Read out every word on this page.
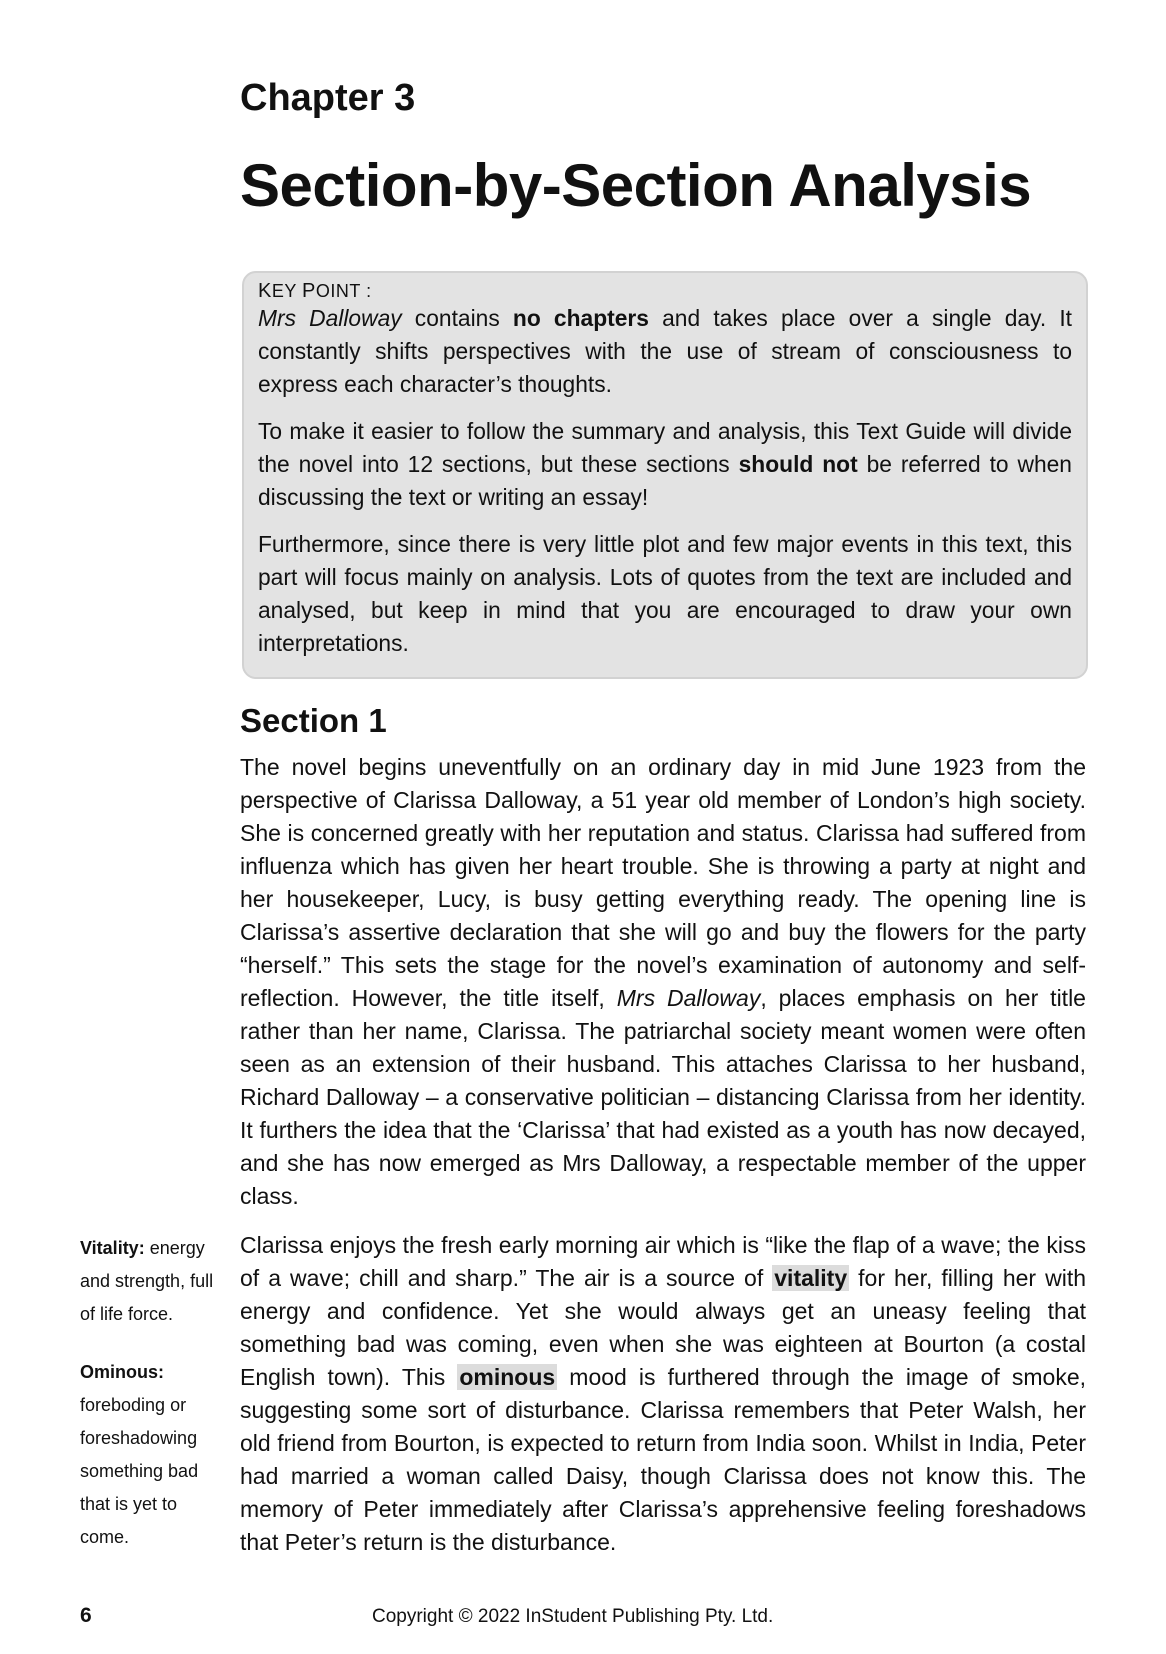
Chapter 3
Section-by-Section Analysis
KEY POINT :

Mrs Dalloway contains no chapters and takes place over a single day. It constantly shifts perspectives with the use of stream of consciousness to express each character’s thoughts.

To make it easier to follow the summary and analysis, this Text Guide will divide the novel into 12 sections, but these sections should not be referred to when discussing the text or writing an essay!

Furthermore, since there is very little plot and few major events in this text, this part will focus mainly on analysis. Lots of quotes from the text are included and analysed, but keep in mind that you are encouraged to draw your own interpretations.

Section 1

The novel begins uneventfully on an ordinary day in mid June 1923 from the perspective of Clarissa Dalloway, a 51 year old member of London’s high society. She is concerned greatly with her reputation and status. Clarissa had suffered from influenza which has given her heart trouble. She is throwing a party at night and her housekeeper, Lucy, is busy getting everything ready. The opening line is Clarissa’s assertive declaration that she will go and buy the flowers for the party “herself.” This sets the stage for the novel’s examination of autonomy and self-reflection. However, the title itself, Mrs Dalloway, places emphasis on her title rather than her name, Clarissa. The patriarchal society meant women were often seen as an extension of their husband. This attaches Clarissa to her husband, Richard Dalloway – a conservative politician – distancing Clarissa from her identity. It furthers the idea that the ‘Clarissa’ that had existed as a youth has now decayed, and she has now emerged as Mrs Dalloway, a respectable member of the upper class.

Clarissa enjoys the fresh early morning air which is “like the flap of a wave; the kiss of a wave; chill and sharp.” The air is a source of vitality for her, filling her with energy and confidence. Yet she would always get an uneasy feeling that something bad was coming, even when she was eighteen at Bourton (a costal English town). This ominous mood is furthered through the image of smoke, suggesting some sort of disturbance. Clarissa remembers that Peter Walsh, her old friend from Bourton, is expected to return from India soon. Whilst in India, Peter had married a woman called Daisy, though Clarissa does not know this. The memory of Peter immediately after Clarissa’s apprehensive feeling foreshadows that Peter’s return is the disturbance.

Vitality: energy and strength, full of life force.
Ominous: foreboding or foreshadowing something bad that is yet to come.
6	Copyright © 2022 InStudent Publishing Pty. Ltd.
